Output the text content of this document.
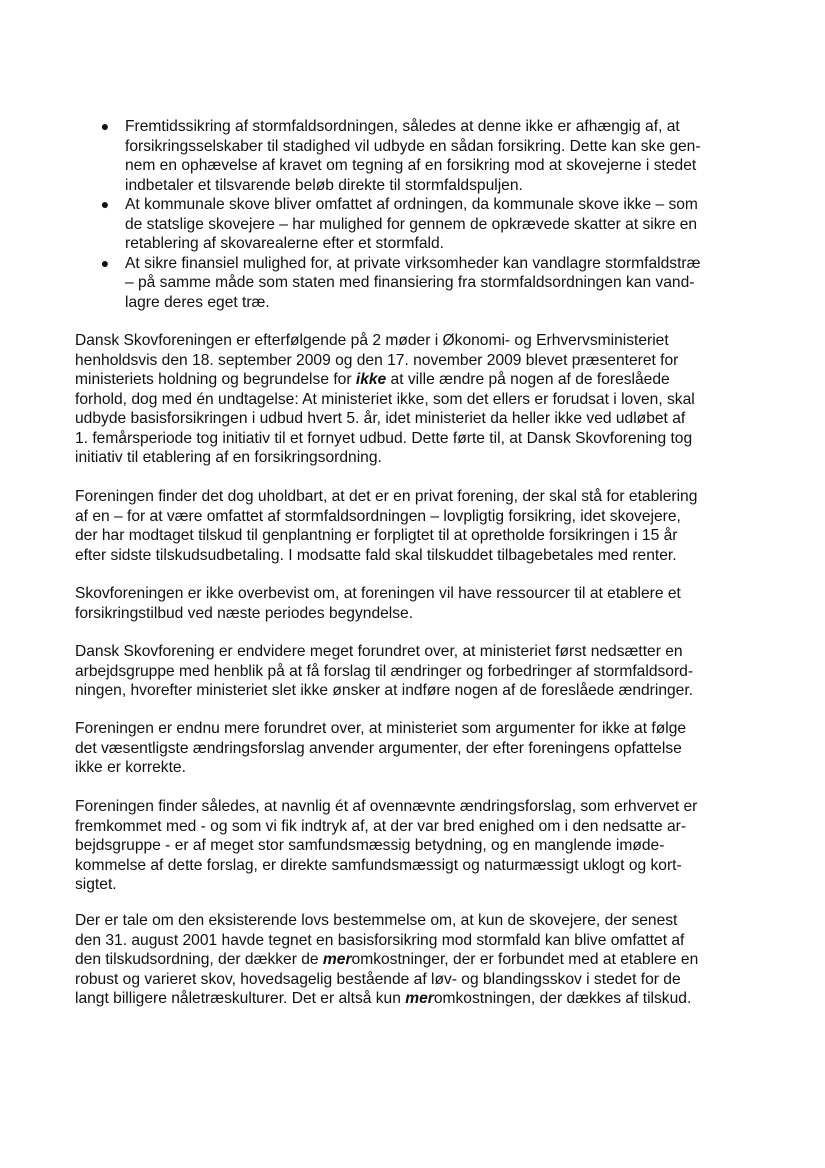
● Fremtidssikring af stormfaldsordningen, således at denne ikke er afhængig af, at
forsikringsselskaber til stadighed vil udbyde en sådan forsikring. Dette kan ske gen-
nem en ophævelse af kravet om tegning af en forsikring mod at skovejerne i stedet
indbetaler et tilsvarende beløb direkte til stormfaldspuljen.
● At kommunale skove bliver omfattet af ordningen, da kommunale skove ikke – som
de statslige skovejere – har mulighed for gennem de opkrævede skatter at sikre en
retablering af skovarealerne efter et stormfald.
● At sikre finansiel mulighed for, at private virksomheder kan vandlagre stormfaldstræ
– på samme måde som staten med finansiering fra stormfaldsordningen kan vand-
lagre deres eget træ.

Dansk Skovforeningen er efterfølgende på 2 møder i Økonomi- og Erhvervsministeriet
henholdsvis den 18. september 2009 og den 17. november 2009 blevet præsenteret for
ministeriets holdning og begrundelse for ikke at ville ændre på nogen af de foreslåede
forhold, dog med én undtagelse: At ministeriet ikke, som det ellers er forudsat i loven, skal
udbyde basisforsikringen i udbud hvert 5. år, idet ministeriet da heller ikke ved udløbet af
1. femårsperiode tog initiativ til et fornyet udbud. Dette førte til, at Dansk Skovforening tog
initiativ til etablering af en forsikringsordning.

Foreningen finder det dog uholdbart, at det er en privat forening, der skal stå for etablering
af en – for at være omfattet af stormfaldsordningen – lovpligtig forsikring, idet skovejere,
der har modtaget tilskud til genplantning er forpligtet til at opretholde forsikringen i 15 år
efter sidste tilskudsudbetaling. I modsatte fald skal tilskuddet tilbagebetales med renter.

Skovforeningen er ikke overbevist om, at foreningen vil have ressourcer til at etablere et
forsikringstilbud ved næste periodes begyndelse.

Dansk Skovforening er endvidere meget forundret over, at ministeriet først nedsætter en
arbejdsgruppe med henblik på at få forslag til ændringer og forbedringer af stormfaldsord-
ningen, hvorefter ministeriet slet ikke ønsker at indføre nogen af de foreslåede ændringer.

Foreningen er endnu mere forundret over, at ministeriet som argumenter for ikke at følge
det væsentligste ændringsforslag anvender argumenter, der efter foreningens opfattelse
ikke er korrekte.

Foreningen finder således, at navnlig ét af ovennævnte ændringsforslag, som erhvervet er
fremkommet med - og som vi fik indtryk af, at der var bred enighed om i den nedsatte ar-
bejdsgruppe - er af meget stor samfundsmæssig betydning, og en manglende imøde-
kommelse af dette forslag, er direkte samfundsmæssigt og naturmæssigt uklogt og kort-
sigtet.

Der er tale om den eksisterende lovs bestemmelse om, at kun de skovejere, der senest
den 31. august 2001 havde tegnet en basisforsikring mod stormfald kan blive omfattet af
den tilskudsordning, der dækker de meromkostninger, der er forbundet med at etablere en
robust og varieret skov, hovedsagelig bestående af løv- og blandingsskov i stedet for de
langt billigere nåletræskulturer. Det er altså kun meromkostningen, der dækkes af tilskud.
